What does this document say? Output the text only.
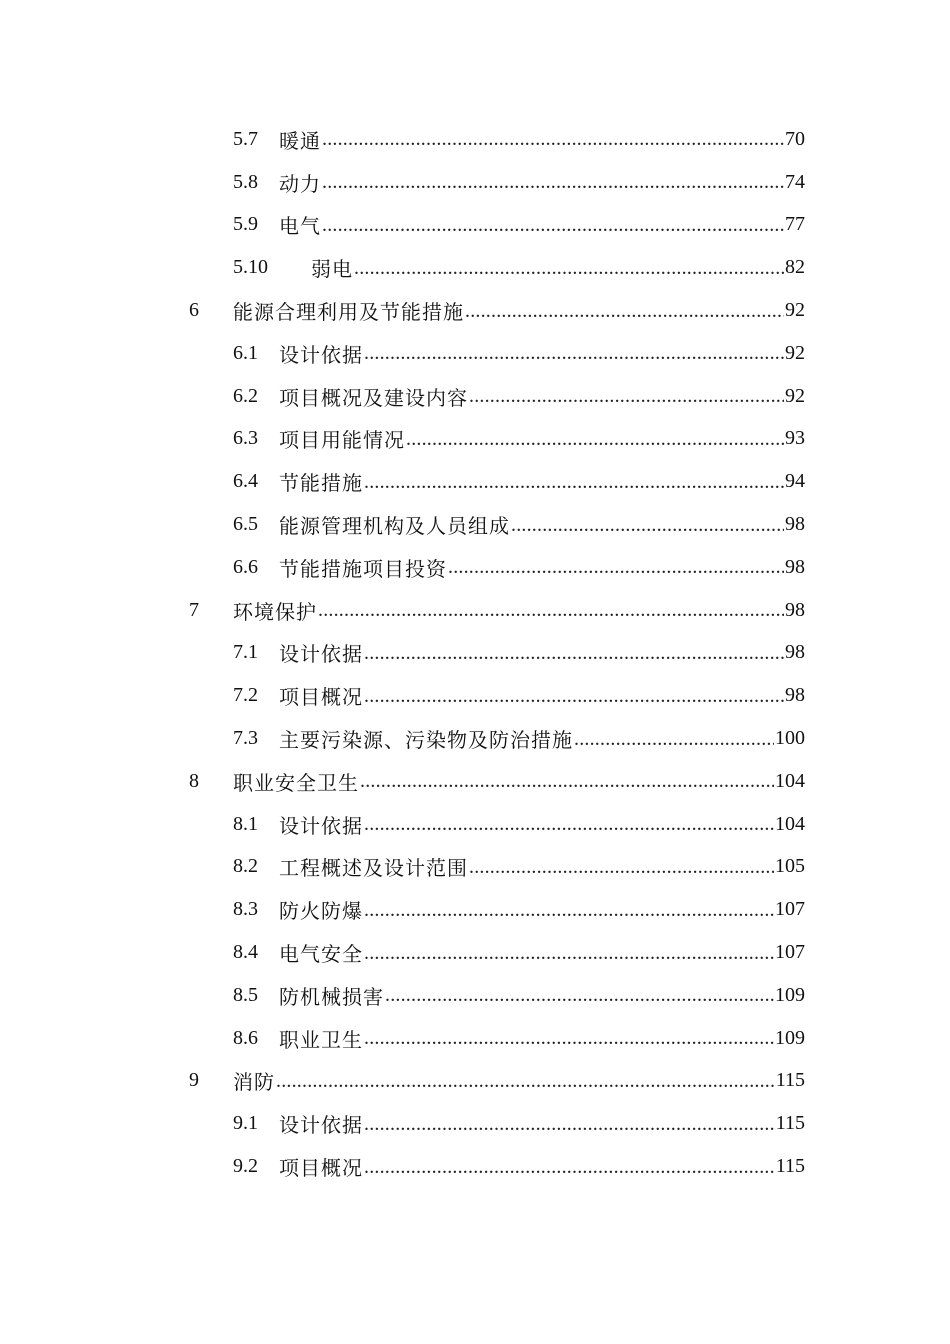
5.7 暖通 .....	70
5.8 动力 .....	74
5.9 电气 .....	77
5.10 弱电 .....	82
6 能源合理利用及节能措施 .....	92
6.1 设计依据 .....	92
6.2 项目概况及建设内容 .....	92
6.3 项目用能情况 .....	93
6.4 节能措施 .....	94
6.5 能源管理机构及人员组成 .....	98
6.6 节能措施项目投资 .....	98
7 环境保护 .....	98
7.1 设计依据 .....	98
7.2 项目概况 .....	98
7.3 主要污染源、污染物及防治措施 .....	100
8 职业安全卫生 .....	104
8.1 设计依据 .....	104
8.2 工程概述及设计范围 .....	105
8.3 防火防爆 .....	107
8.4 电气安全 .....	107
8.5 防机械损害 .....	109
8.6 职业卫生 .....	109
9 消防 .....	115
9.1 设计依据 .....	115
9.2 项目概况 .....	115
